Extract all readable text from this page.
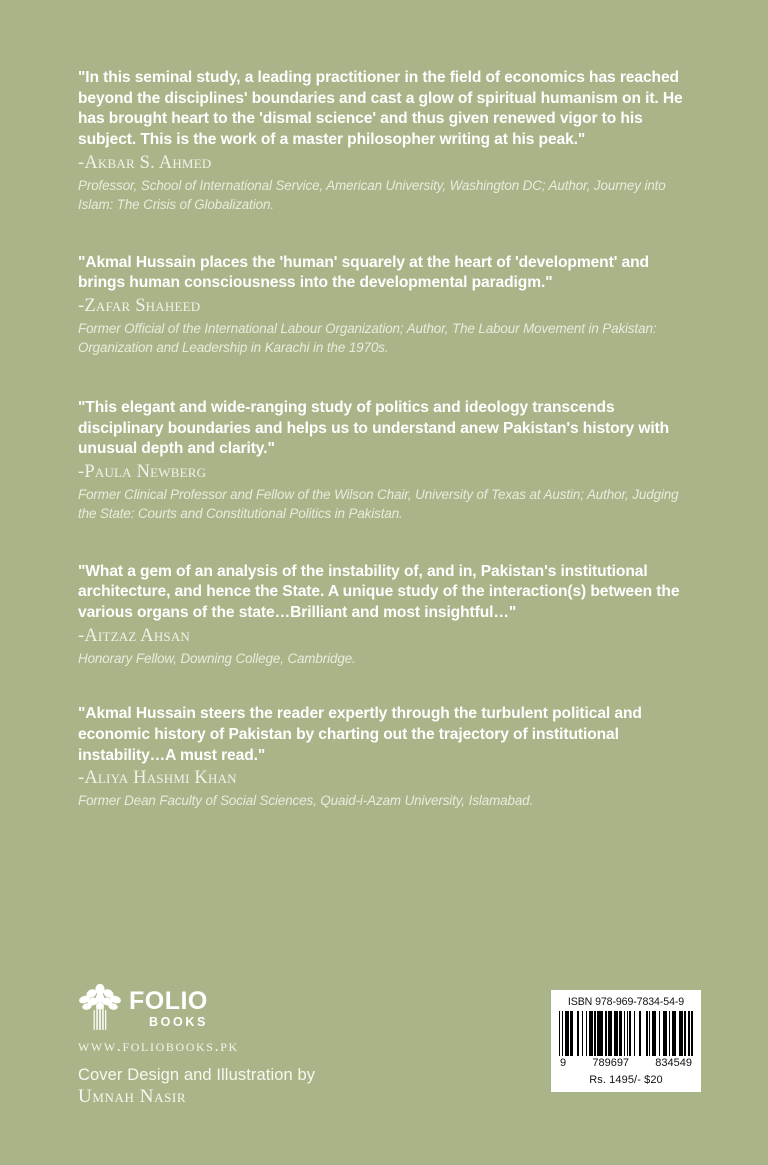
"In this seminal study, a leading practitioner in the field of economics has reached beyond the disciplines' boundaries and cast a glow of spiritual humanism on it. He has brought heart to the 'dismal science' and thus given renewed vigor to his subject. This is the work of a master philosopher writing at his peak."

-Akbar S. Ahmed

Professor, School of International Service, American University, Washington DC; Author, Journey into Islam: The Crisis of Globalization.

"Akmal Hussain places the 'human' squarely at the heart of 'development' and brings human consciousness into the developmental paradigm."

-Zafar Shaheed

Former Official of the International Labour Organization; Author, The Labour Movement in Pakistan: Organization and Leadership in Karachi in the 1970s.

"This elegant and wide-ranging study of politics and ideology transcends disciplinary boundaries and helps us to understand anew Pakistan's history with unusual depth and clarity."

-Paula Newberg

Former Clinical Professor and Fellow of the Wilson Chair, University of Texas at Austin; Author, Judging the State: Courts and Constitutional Politics in Pakistan.

"What a gem of an analysis of the instability of, and in, Pakistan's institutional architecture, and hence the State. A unique study of the interaction(s) between the various organs of the state…Brilliant and most insightful…"

-Aitzaz Ahsan

Honorary Fellow, Downing College, Cambridge.

"Akmal Hussain steers the reader expertly through the turbulent political and economic history of Pakistan by charting out the trajectory of institutional instability…A must read."

-Aliya Hashmi Khan

Former Dean Faculty of Social Sciences, Quaid-i-Azam University, Islamabad.

FOLIO
BOOKS
www.foliobooks.pk
Cover Design and Illustration by
Umnah Nasir
ISBN 978-969-7834-54-9
9 789697 834549
Rs. 1495/- $20
